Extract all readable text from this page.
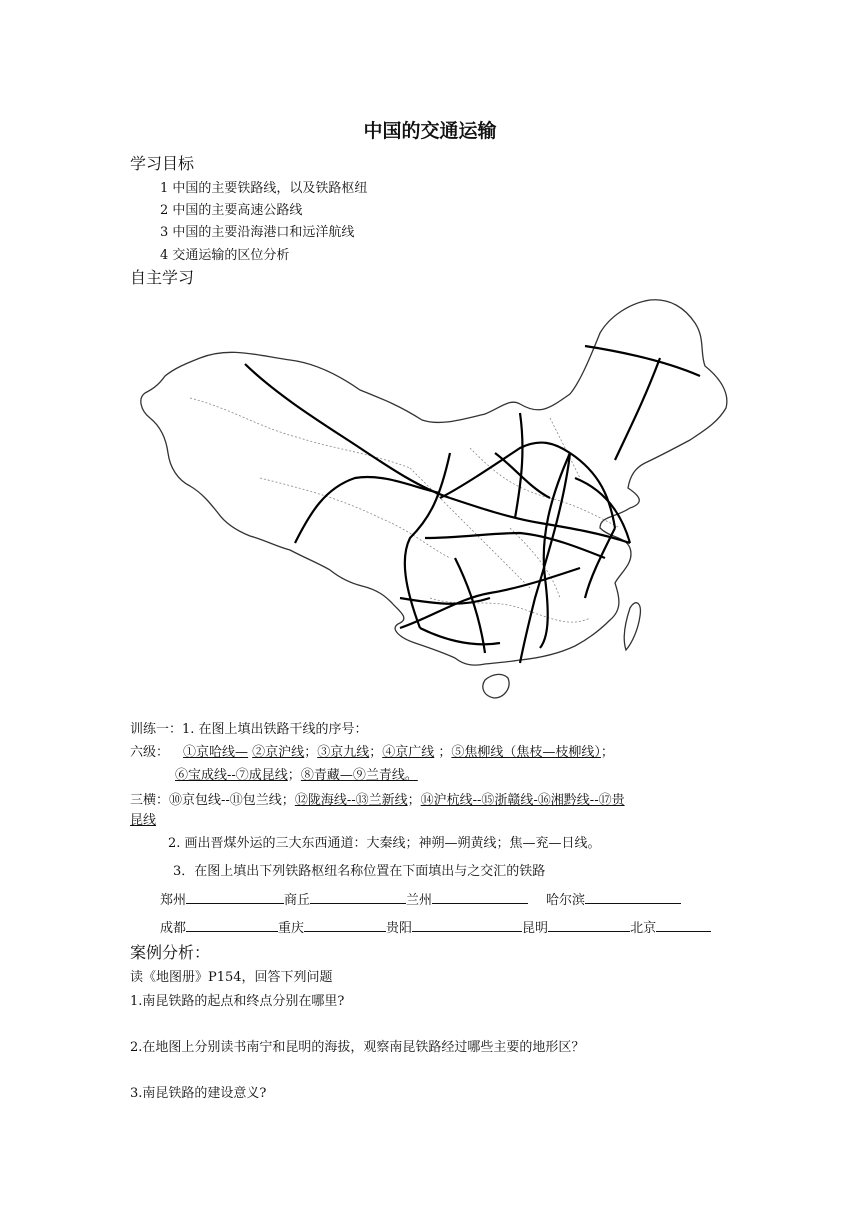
中国的交通运输
学习目标
1 中国的主要铁路线，以及铁路枢纽
2 中国的主要高速公路线
3 中国的主要沿海港口和远洋航线
4 交通运输的区位分析
自主学习
训练一：1. 在图上填出铁路干线的序号：
六级： ①京哈线— ②京沪线；③京九线；④京广线 ；⑤焦柳线（焦枝—枝柳线）；
⑥宝成线--⑦成昆线；⑧青藏—⑨兰青线。
三横：⑩京包线--⑪包兰线；⑫陇海线--⑬兰新线；⑭沪杭线--⑮浙赣线-⑯湘黔线--⑰贵
昆线
2. 画出晋煤外运的三大东西通道：大秦线；神朔—朔黄线；焦—兖—日线。
3．在图上填出下列铁路枢纽名称位置在下面填出与之交汇的铁路
郑州	商丘	兰州	哈尔滨
成都	重庆	贵阳	昆明	北京
案例分析：
读《地图册》P154，回答下列问题
1.南昆铁路的起点和终点分别在哪里?
2.在地图上分别读书南宁和昆明的海拔，观察南昆铁路经过哪些主要的地形区？
3.南昆铁路的建设意义?
